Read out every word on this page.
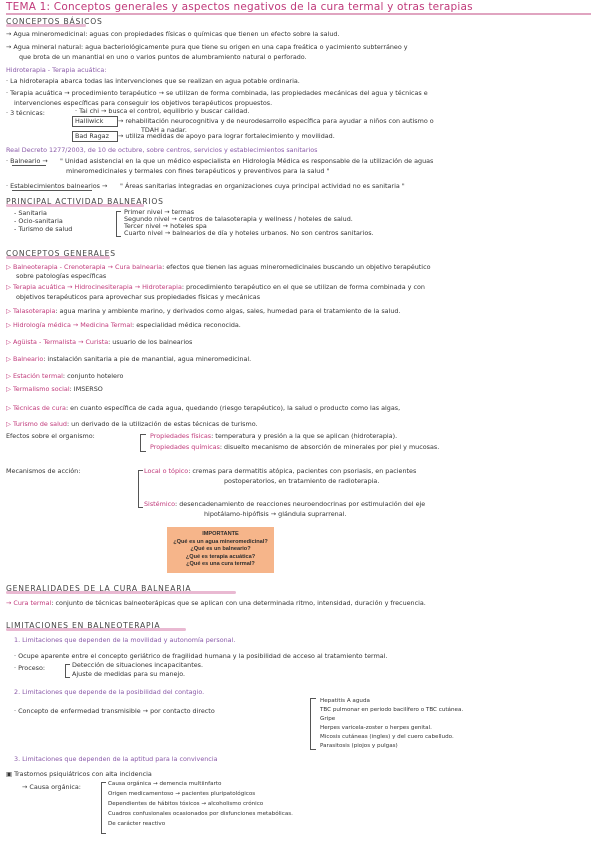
TEMA 1: Conceptos generales y aspectos negativos de la cura termal y otras terapias
CONCEPTOS BÁSICOS
→ Agua mineromedicinal: aguas con propiedades físicas o químicas que tienen un efecto sobre la salud.
→ Agua mineral natural: agua bacteriológicamente pura que tiene su origen en una capa freática o yacimiento subterráneo y
que brota de un manantial en uno o varios puntos de alumbramiento natural o perforado.
Hidroterapia - Terapia acuática:
· La hidroterapia abarca todas las intervenciones que se realizan en agua potable ordinaria.
· Terapia acuática → procedimiento terapéutico → se utilizan de forma combinada, las propiedades mecánicas del agua y técnicas e
intervenciones específicas para conseguir los objetivos terapéuticos propuestos.
· 3 técnicas:	· Tai chi → busca el control, equilibrio y buscar calidad.
Halliwick → rehabilitación neurocognitiva y de neurodesarrollo específica para ayudar a niños con autismo o
TDAH a nadar.
Bad Ragaz → utiliza medidas de apoyo para lograr fortalecimiento y movilidad.
Real Decreto 1277/2003, de 10 de octubre, sobre centros, servicios y establecimientos sanitarios
· Balneario → " Unidad asistencial en la que un médico especialista en Hidrología Médica es responsable de la utilización de aguas
mineromedicinales y termales con fines terapéuticos y preventivos para la salud "
· Establecimientos balnearios → " Áreas sanitarias integradas en organizaciones cuya principal actividad no es sanitaria "
PRINCIPAL ACTIVIDAD BALNEARIOS
- Sanitaria
- Ocio-sanitaria
- Turismo de salud
Primer nivel → termas
Segundo nivel → centros de talasoterapia y wellness / hoteles de salud.
Tercer nivel → hoteles spa
Cuarto nivel → balnearios de día y hoteles urbanos. No son centros sanitarios.
CONCEPTOS GENERALES
▷ Balneoterapia - Crenoterapia → Cura balnearia: efectos que tienen las aguas mineromedicinales buscando un objetivo terapéutico
sobre patologías específicas
▷ Terapia acuática → Hidrocinesiterapia → Hidroterapia: procedimiento terapéutico en el que se utilizan de forma combinada y con
objetivos terapéuticos para aprovechar sus propiedades físicas y mecánicas
▷ Talasoterapia: agua marina y ambiente marino, y derivados como algas, sales, humedad para el tratamiento de la salud.
▷ Hidrología médica → Medicina Termal: especialidad médica reconocida.
▷ Agüista - Termalista → Curista: usuario de los balnearios
▷ Balneario: instalación sanitaria a pie de manantial, agua mineromedicinal.
▷ Estación termal: conjunto hotelero
▷ Termalismo social: IMSERSO
▷ Técnicas de cura: en cuanto específica de cada agua, quedando (riesgo terapéutico), la salud o producto como las algas,
▷ Turismo de salud: un derivado de la utilización de estas técnicas de turismo.
Efectos sobre el organismo:	Propiedades físicas: temperatura y presión a la que se aplican (hidroterapia).
Propiedades químicas: disuelto mecanismo de absorción de minerales por piel y mucosas.
Mecanismos de acción:	Local o tópico: cremas para dermatitis atópica, pacientes con psoriasis, en pacientes
postoperatorios, en tratamiento de radioterapia.
Sistémico: desencadenamiento de reacciones neuroendocrinas por estimulación del eje
hipotálamo-hipófisis → glándula suprarrenal.
IMPORTANTE
¿Qué es un agua mineromedicinal?
¿Qué es un balneario?
¿Qué es terapia acuática?
¿Qué es una cura termal?
GENERALIDADES DE LA CURA BALNEARIA
→ Cura termal: conjunto de técnicas balneoterápicas que se aplican con una determinada ritmo, intensidad, duración y frecuencia.
LIMITACIONES EN BALNEOTERAPIA
1. Limitaciones que dependen de la movilidad y autonomía personal.
· Ocupe aparente entre el concepto geriátrico de fragilidad humana y la posibilidad de acceso al tratamiento termal.
· Proceso:	Detección de situaciones incapacitantes.
Ajuste de medidas para su manejo.
2. Limitaciones que depende de la posibilidad del contagio.
· Concepto de enfermedad transmisible → por contacto directo
Hepatitis A aguda
TBC pulmonar en periodo bacilífero o TBC cutánea.
Gripe
Herpes varicela-zoster o herpes genital.
Micosis cutáneas (ingles) y del cuero cabelludo.
Parasitosis (piojos y pulgas)
3. Limitaciones que dependen de la aptitud para la convivencia
▣ Trastornos psiquiátricos con alta incidencia
→ Causa orgánica:	Causa orgánica → demencia multiinfarto
Origen medicamentoso → pacientes pluripatológicos
Dependientes de hábitos tóxicos → alcoholismo crónico
Cuadros confusionales ocasionados por disfunciones metabólicas.
De carácter reactivo
